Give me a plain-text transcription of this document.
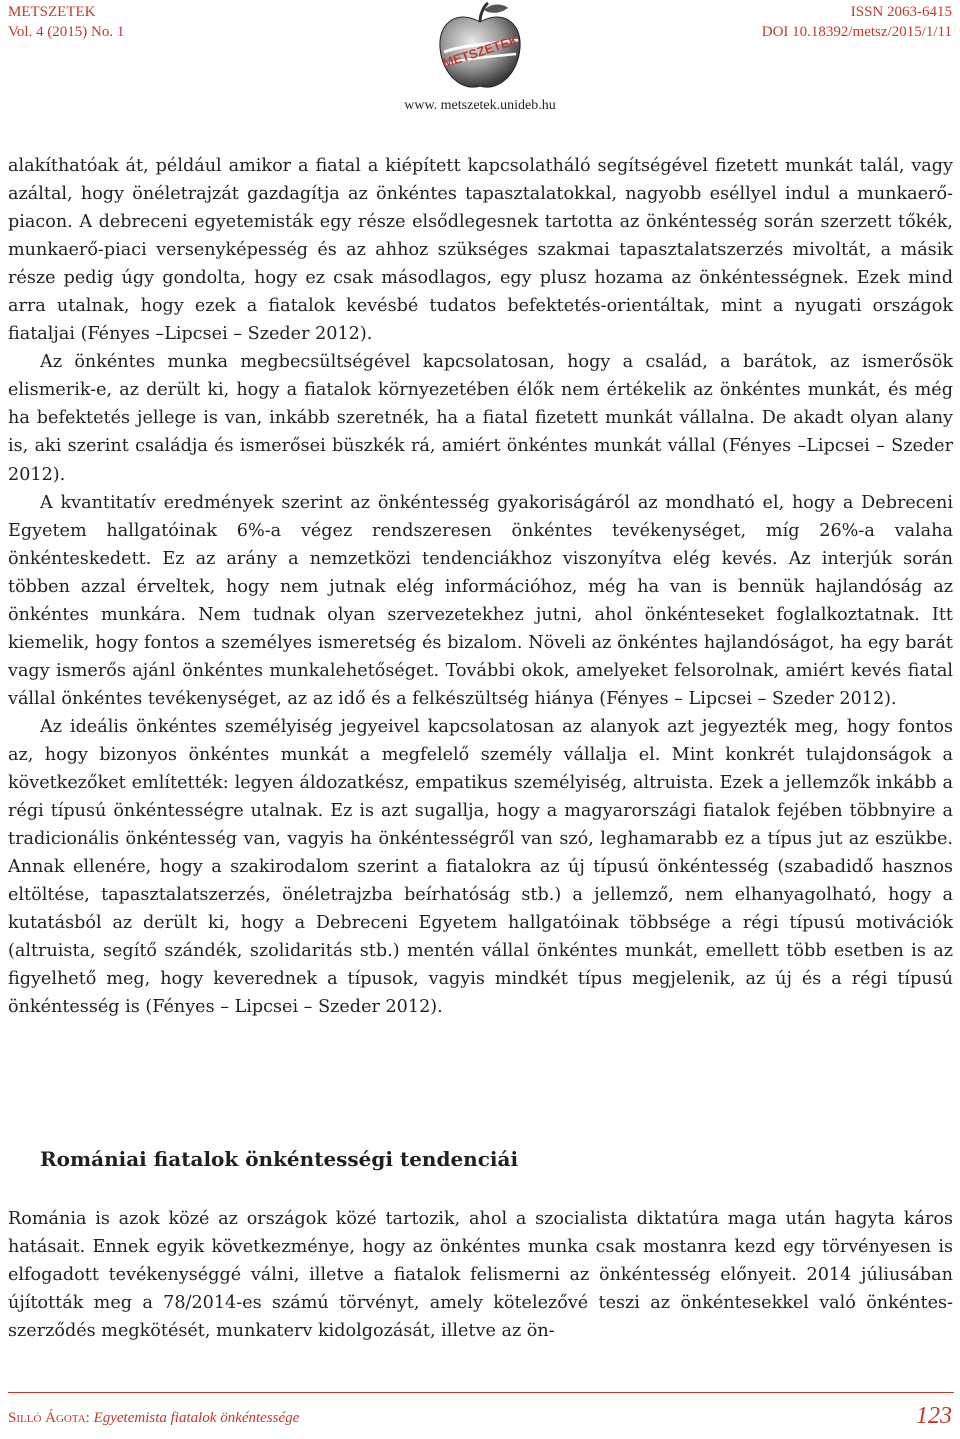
METSZETEK
Vol. 4 (2015) No. 1
METSZETEK
ISSN 2063-6415
DOI 10.18392/metsz/2015/1/11
www. metszetek.unideb.hu

alakíthatóak át, például amikor a fiatal a kiépített kapcsolatháló segítségével fizetett munkát talál, vagy azáltal, hogy önéletrajzát gazdagítja az önkéntes tapasztalatokkal, nagyobb eséllyel indul a munkaerő-piacon. A debreceni egyetemisták egy része elsődlegesnek tartotta az önkéntesség során szerzett tőkék, munkaerő-piaci versenyképesség és az ahhoz szükséges szakmai tapasztalatszerzés mivoltát, a másik része pedig úgy gondolta, hogy ez csak másodlagos, egy plusz hozama az önkéntességnek. Ezek mind arra utalnak, hogy ezek a fiatalok kevésbé tudatos befektetés-orientáltak, mint a nyugati országok fiataljai (Fényes –Lipcsei – Szeder 2012).

Az önkéntes munka megbecsültségével kapcsolatosan, hogy a család, a barátok, az ismerősök elismerik-e, az derült ki, hogy a fiatalok környezetében élők nem értékelik az önkéntes munkát, és még ha befektetés jellege is van, inkább szeretnék, ha a fiatal fizetett munkát vállalna. De akadt olyan alany is, aki szerint családja és ismerősei büszkék rá, amiért önkéntes munkát vállal (Fényes –Lipcsei – Szeder 2012).

A kvantitatív eredmények szerint az önkéntesség gyakoriságáról az mondható el, hogy a Debreceni Egyetem hallgatóinak 6%-a végez rendszeresen önkéntes tevékenységet, míg 26%-a valaha önkénteskedett. Ez az arány a nemzetközi tendenciákhoz viszonyítva elég kevés. Az interjúk során többen azzal érveltek, hogy nem jutnak elég információhoz, még ha van is bennük hajlandóság az önkéntes munkára. Nem tudnak olyan szervezetekhez jutni, ahol önkénteseket foglalkoztatnak. Itt kiemelik, hogy fontos a személyes ismeretség és bizalom. Növeli az önkéntes hajlandóságot, ha egy barát vagy ismerős ajánl önkéntes munkalehetőséget. További okok, amelyeket felsorolnak, amiért kevés fiatal vállal önkéntes tevékenységet, az az idő és a felkészültség hiánya (Fényes – Lipcsei – Szeder 2012).

Az ideális önkéntes személyiség jegyeivel kapcsolatosan az alanyok azt jegyezték meg, hogy fontos az, hogy bizonyos önkéntes munkát a megfelelő személy vállalja el. Mint konkrét tulajdonságok a következőket említették: legyen áldozatkész, empatikus személyiség, altruista. Ezek a jellemzők inkább a régi típusú önkéntességre utalnak. Ez is azt sugallja, hogy a magyarországi fiatalok fejében többnyire a tradicionális önkéntesség van, vagyis ha önkéntességről van szó, leghamarabb ez a típus jut az eszükbe. Annak ellenére, hogy a szakirodalom szerint a fiatalokra az új típusú önkéntesség (szabadidő hasznos eltöltése, tapasztalatszerzés, önéletrajzba beírhatóság stb.) a jellemző, nem elhanyagolható, hogy a kutatásból az derült ki, hogy a Debreceni Egyetem hallgatóinak többsége a régi típusú motivációk (altruista, segítő szándék, szolidaritás stb.) mentén vállal önkéntes munkát, emellett több esetben is az figyelhető meg, hogy keverednek a típusok, vagyis mindkét típus megjelenik, az új és a régi típusú önkéntesség is (Fényes – Lipcsei – Szeder 2012).

Romániai fiatalok önkéntességi tendenciái

Románia is azok közé az országok közé tartozik, ahol a szocialista diktatúra maga után hagyta káros hatásait. Ennek egyik következménye, hogy az önkéntes munka csak mostanra kezd egy törvényesen is elfogadott tevékenységgé válni, illetve a fiatalok felismerni az önkéntesség előnyeit. 2014 júliusában újították meg a 78/2014-es számú törvényt, amely kötelezővé teszi az önkéntesekkel való önkéntes-szerződés megkötését, munkaterv kidolgozását, illetve az ön-

Silló Ágota: Egyetemista fiatalok önkéntessége	123
